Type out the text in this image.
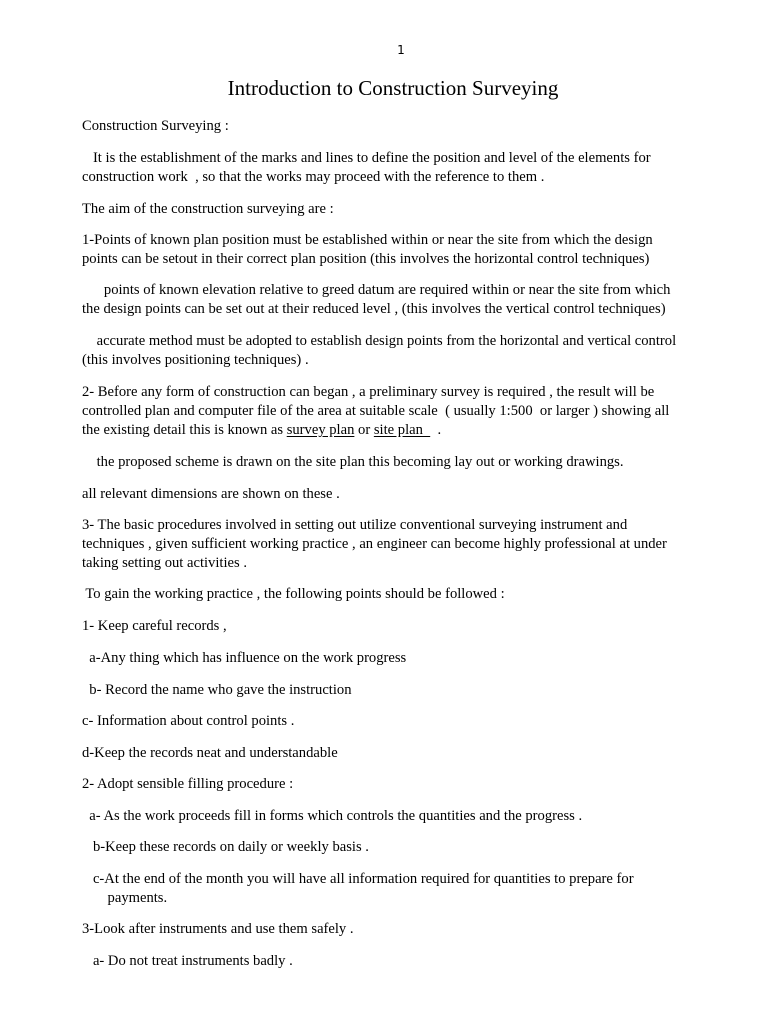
1
Introduction to Construction Surveying
Construction Surveying :
It is the establishment of the marks and lines to define the position and level of the elements for
construction work  , so that the works may proceed with the reference to them .
The aim of the construction surveying are :
1-Points of known plan position must be established within or near the site from which the design
points can be setout in their correct plan position (this involves the horizontal control techniques)
points of known elevation relative to greed datum are required within or near the site from which
the design points can be set out at their reduced level , (this involves the vertical control techniques)
accurate method must be adopted to establish design points from the horizontal and vertical control
(this involves positioning techniques) .
2- Before any form of construction can began , a preliminary survey is required , the result will be
controlled plan and computer file of the area at suitable scale  ( usually 1:500  or larger ) showing all
the existing detail this is known as survey plan or site plan    .
the proposed scheme is drawn on the site plan this becoming lay out or working drawings.
all relevant dimensions are shown on these .
3- The basic procedures involved in setting out utilize conventional surveying instrument and
techniques , given sufficient working practice , an engineer can become highly professional at under
taking setting out activities .
To gain the working practice , the following points should be followed :
1- Keep careful records ,
a-Any thing which has influence on the work progress
b- Record the name who gave the instruction
c- Information about control points .
d-Keep the records neat and understandable
2- Adopt sensible filling procedure :
a- As the work proceeds fill in forms which controls the quantities and the progress .
b-Keep these records on daily or weekly basis .
c-At the end of the month you will have all information required for quantities to prepare for
payments.
3-Look after instruments and use them safely .
a- Do not treat instruments badly .
